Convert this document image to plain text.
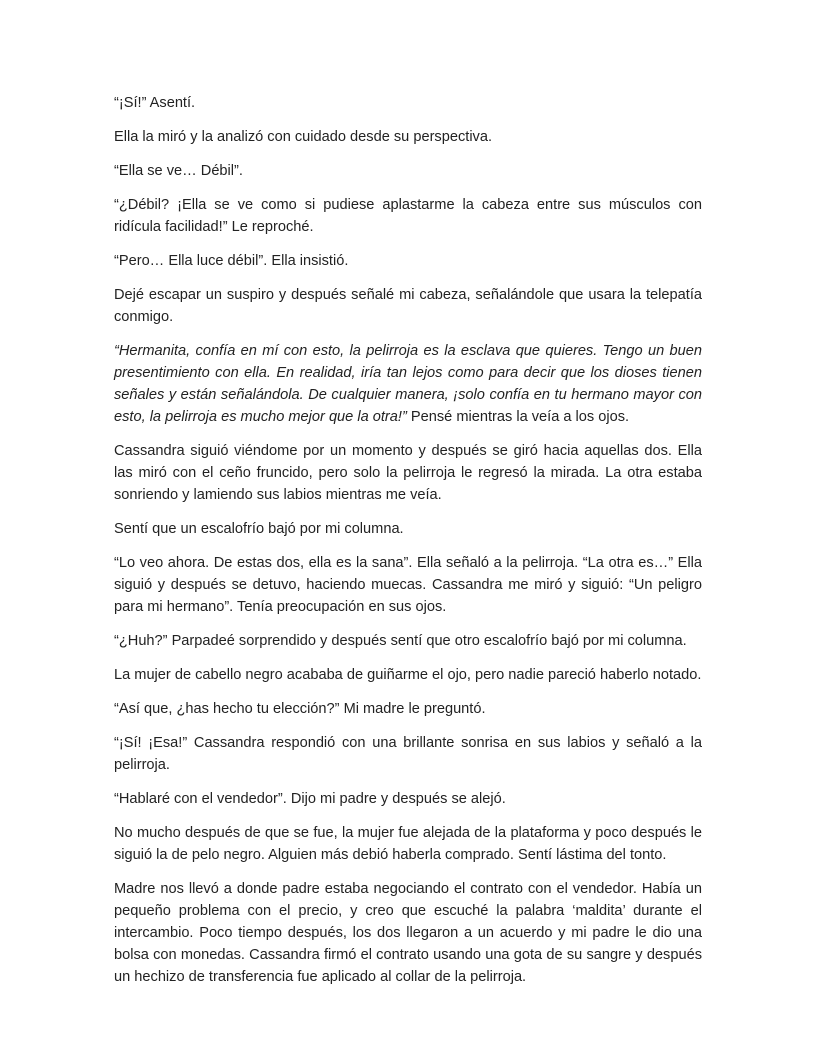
“¡Sí!” Asentí.

Ella la miró y la analizó con cuidado desde su perspectiva.

“Ella se ve… Débil”.

“¿Débil? ¡Ella se ve como si pudiese aplastarme la cabeza entre sus músculos con ridícula facilidad!” Le reproché.

“Pero… Ella luce débil”. Ella insistió.

Dejé escapar un suspiro y después señalé mi cabeza, señalándole que usara la telepatía conmigo.

“Hermanita, confía en mí con esto, la pelirroja es la esclava que quieres. Tengo un buen presentimiento con ella. En realidad, iría tan lejos como para decir que los dioses tienen señales y están señalándola. De cualquier manera, ¡solo confía en tu hermano mayor con esto, la pelirroja es mucho mejor que la otra!” Pensé mientras la veía a los ojos.

Cassandra siguió viéndome por un momento y después se giró hacia aquellas dos. Ella las miró con el ceño fruncido, pero solo la pelirroja le regresó la mirada. La otra estaba sonriendo y lamiendo sus labios mientras me veía.

Sentí que un escalofrío bajó por mi columna.

“Lo veo ahora. De estas dos, ella es la sana”. Ella señaló a la pelirroja. “La otra es…” Ella siguió y después se detuvo, haciendo muecas. Cassandra me miró y siguió: “Un peligro para mi hermano”. Tenía preocupación en sus ojos.

“¿Huh?” Parpadeé sorprendido y después sentí que otro escalofrío bajó por mi columna.

La mujer de cabello negro acababa de guiñarme el ojo, pero nadie pareció haberlo notado.

“Así que, ¿has hecho tu elección?” Mi madre le preguntó.

“¡Sí! ¡Esa!” Cassandra respondió con una brillante sonrisa en sus labios y señaló a la pelirroja.

“Hablaré con el vendedor”. Dijo mi padre y después se alejó.

No mucho después de que se fue, la mujer fue alejada de la plataforma y poco después le siguió la de pelo negro. Alguien más debió haberla comprado. Sentí lástima del tonto.

Madre nos llevó a donde padre estaba negociando el contrato con el vendedor. Había un pequeño problema con el precio, y creo que escuché la palabra ‘maldita’ durante el intercambio. Poco tiempo después, los dos llegaron a un acuerdo y mi padre le dio una bolsa con monedas. Cassandra firmó el contrato usando una gota de su sangre y después un hechizo de transferencia fue aplicado al collar de la pelirroja.
